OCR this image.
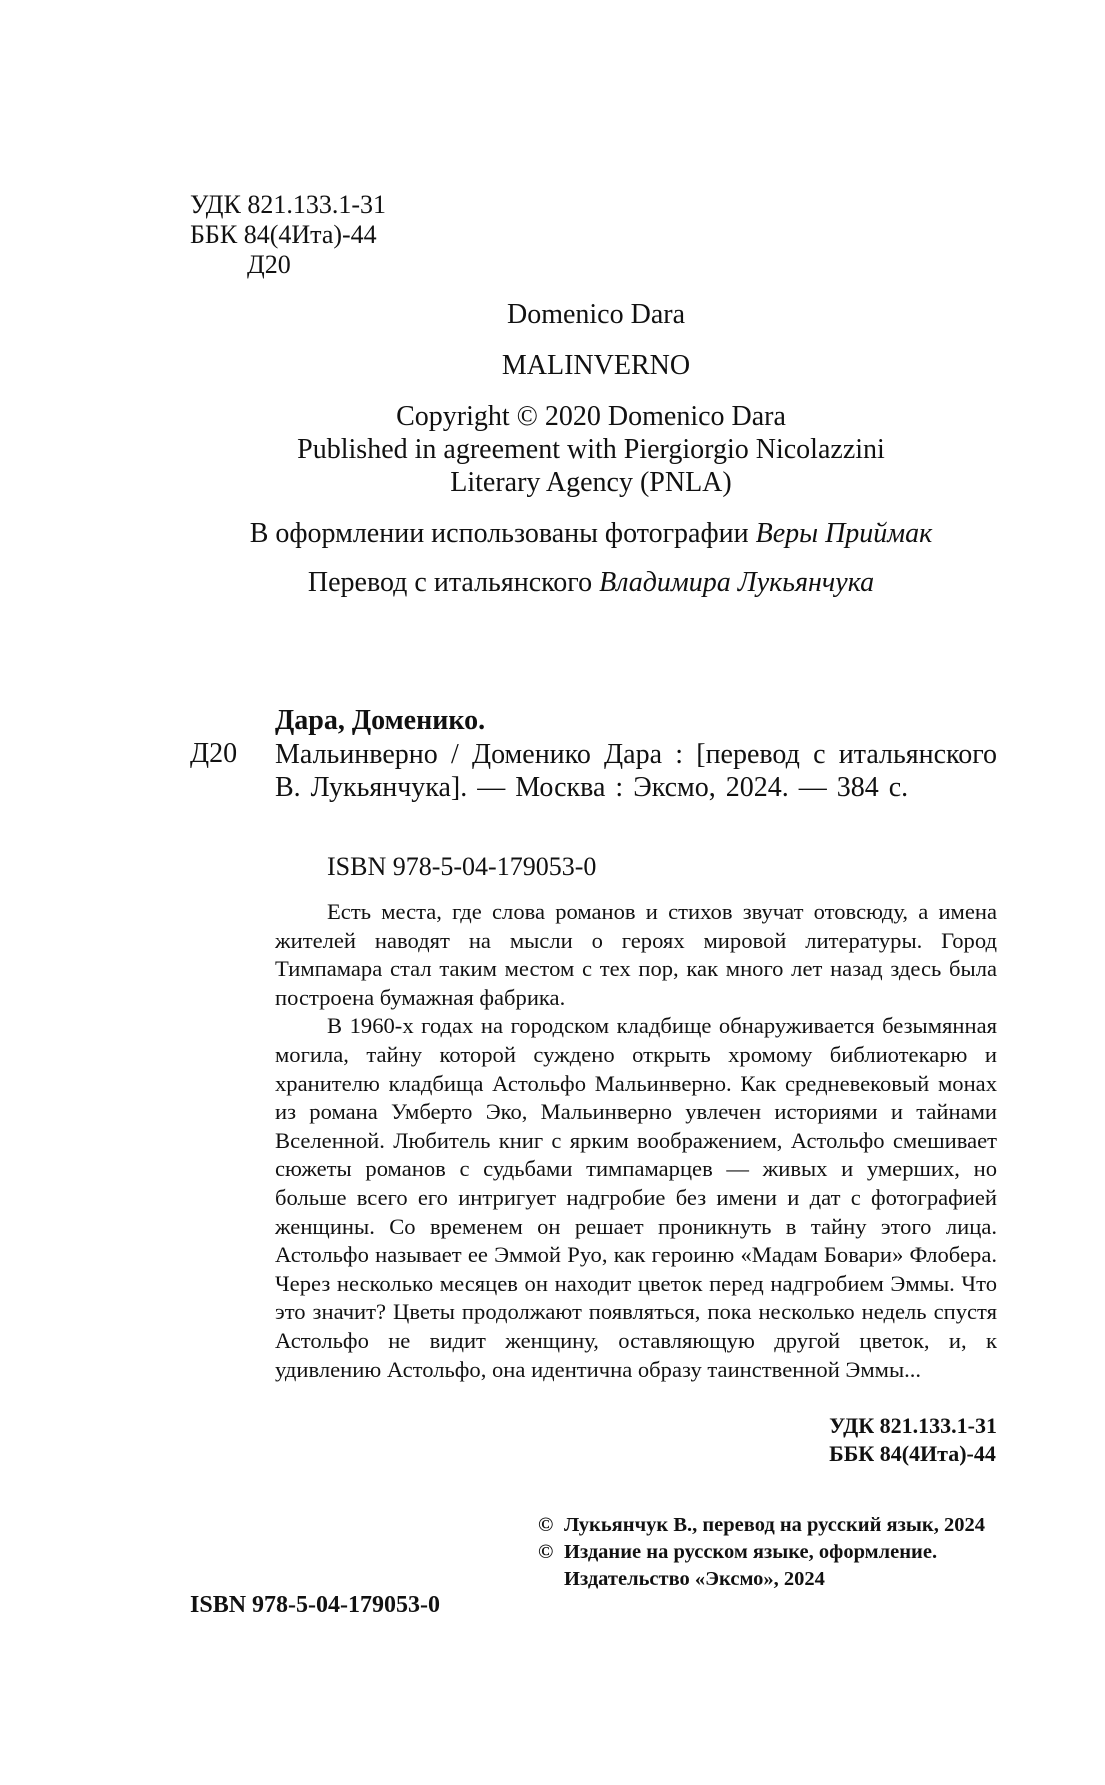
УДК 821.133.1-31
ББК 84(4Ита)-44
Д20
Domenico Dara
MALINVERNO
Copyright © 2020 Domenico Dara
Published in agreement with Piergiorgio Nicolazzini
Literary Agency (PNLA)
В оформлении использованы фотографии Веры Приймак
Перевод с итальянского Владимира Лукьянчука
Дара, Доменико.
Д20 Мальинверно / Доменико Дара : [перевод с итальянского В. Лукьянчука]. — Москва : Эксмо, 2024. — 384 с.
ISBN 978-5-04-179053-0

Есть места, где слова романов и стихов звучат отовсюду, а имена жителей наводят на мысли о героях мировой литературы. Город Тимпамара стал таким местом с тех пор, как много лет назад здесь была построена бумажная фабрика.

В 1960-х годах на городском кладбище обнаруживается безымянная могила, тайну которой суждено открыть хромому библиотекарю и хранителю кладбища Астольфо Мальинверно. Как средневековый монах из романа Умберто Эко, Мальинверно увлечен историями и тайнами Вселенной. Любитель книг с ярким воображением, Астольфо смешивает сюжеты романов с судьбами тимпамарцев — живых и умерших, но больше всего его интригует надгробие без имени и дат с фотографией женщины. Со временем он решает проникнуть в тайну этого лица. Астольфо называет ее Эммой Руо, как героиню «Мадам Бовари» Флобера. Через несколько месяцев он находит цветок перед надгробием Эммы. Что это значит? Цветы продолжают появляться, пока несколько недель спустя Астольфо не видит женщину, оставляющую другой цветок, и, к удивлению Астольфо, она идентична образу таинственной Эммы...

УДК 821.133.1-31
ББК 84(4Ита)-44
ISBN 978-5-04-179053-0
© Лукьянчук В., перевод на русский язык, 2024
© Издание на русском языке, оформление. Издательство «Эксмо», 2024
